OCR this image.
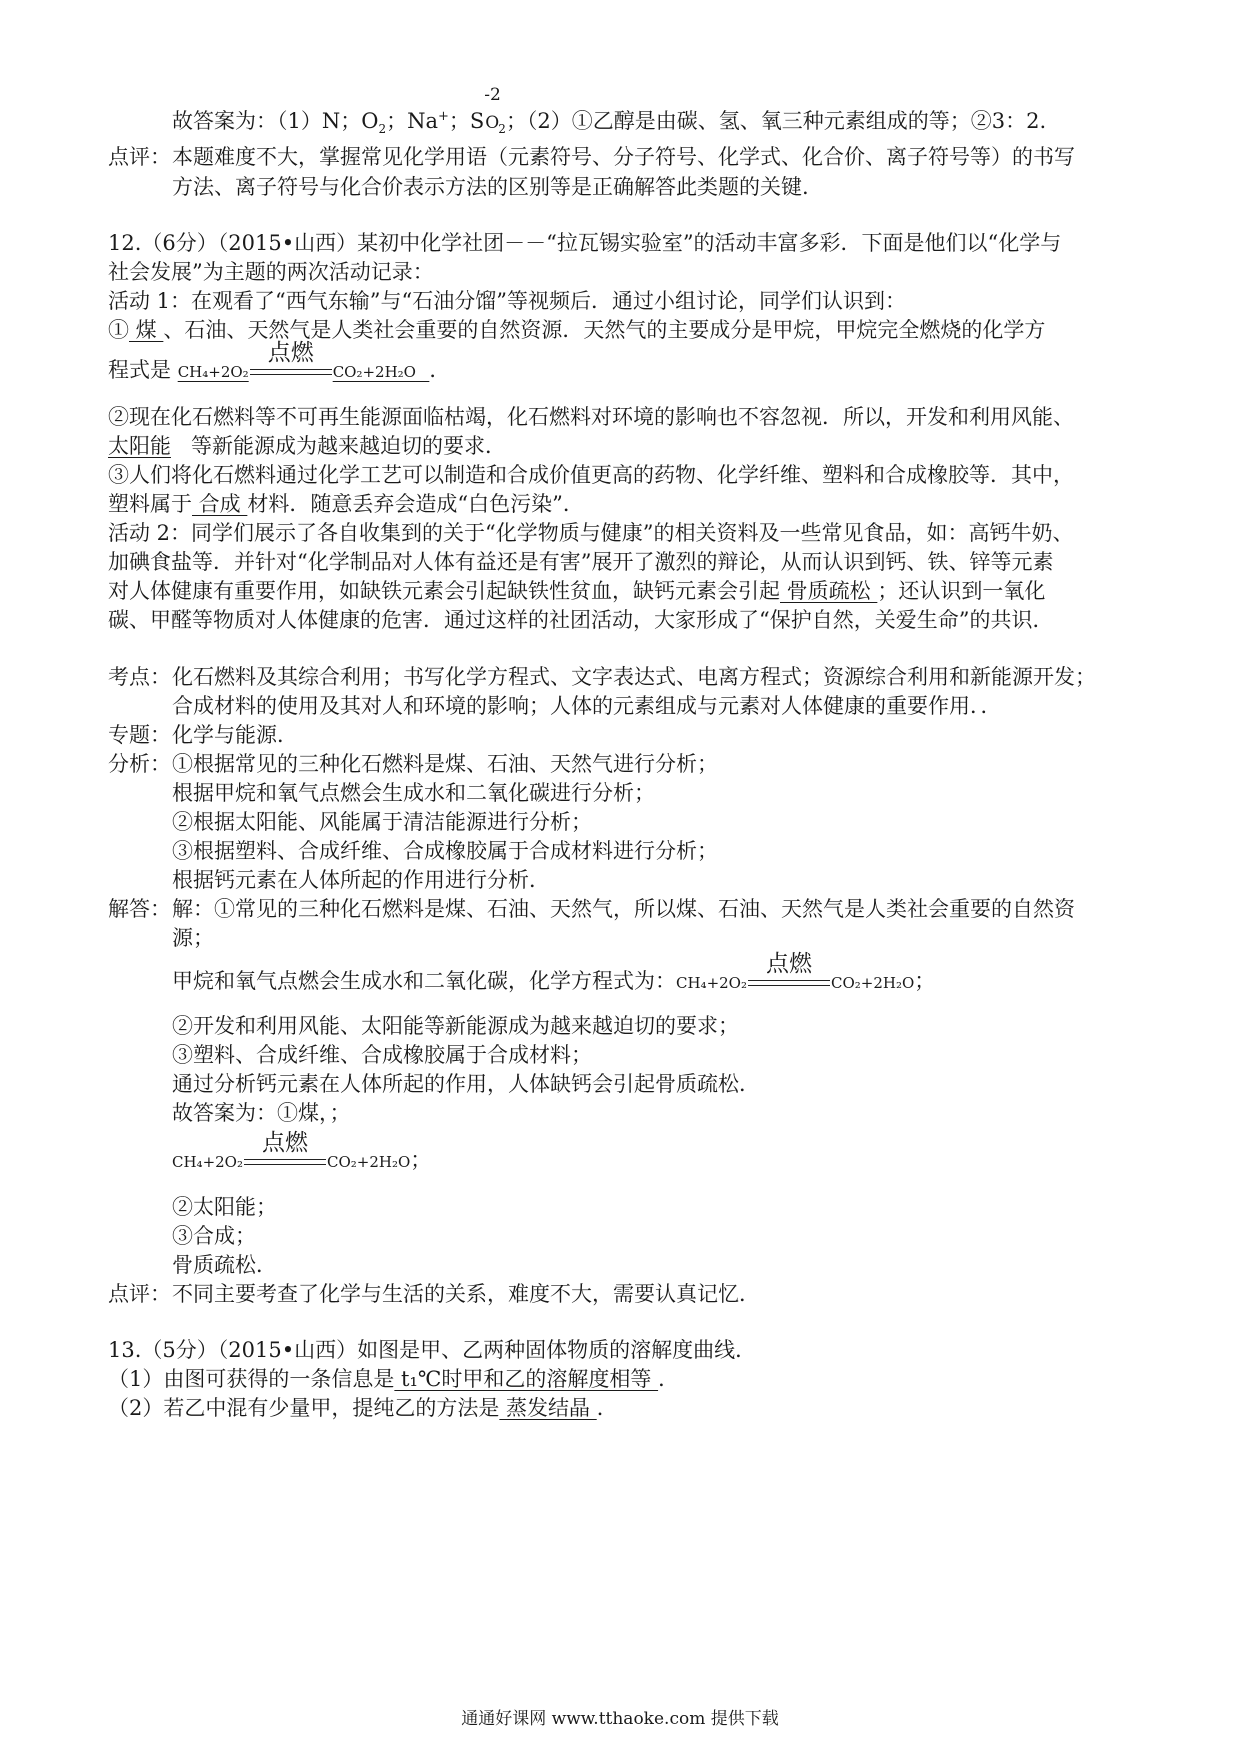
故答案为：（1）N；$O_2$；Na+；S
-2
O $_2$；（2）①乙醇是由碳、氢、氧三种元素组成的等；②3：2.
点评： 本题难度不大，掌握常见化学用语（元素符号、分子符号、化学式、化合价、离子符号等）的书写
方法、离子符号与化合价表示方法的区别等是正确解答此类题的关键.
12.（6分）（2015•山西）某初中化学社团－－“拉瓦锡实验室”的活动丰富多彩．下面是他们以“化学与
社会发展”为主题的两次活动记录：
活动 1：在观看了“西气东输”与“石油分馏”等视频后．通过小组讨论，同学们认识到：
① 煤 、石油、天然气是人类社会重要的自然资源．天然气的主要成分是甲烷，甲烷完全燃烧的化学方
程式是 CH₄+2O₂
点燃
CO₂+2H₂O ．
②现在化石燃料等不可再生能源面临枯竭，化石燃料对环境的影响也不容忽视．所以，开发和利用风能、
太阳能 等新能源成为越来越迫切的要求．
③人们将化石燃料通过化学工艺可以制造和合成价值更高的药物、化学纤维、塑料和合成橡胶等．其中，
塑料属于 合成 材料．随意丢弃会造成“白色污染”．
活动 2：同学们展示了各自收集到的关于“化学物质与健康”的相关资料及一些常见食品，如：高钙牛奶、
加碘食盐等．并针对“化学制品对人体有益还是有害”展开了激烈的辩论，从而认识到钙、铁、锌等元素
对人体健康有重要作用，如缺铁元素会引起缺铁性贫血，缺钙元素会引起 骨质疏松 ；还认识到一氧化
碳、甲醛等物质对人体健康的危害．通过这样的社团活动，大家形成了“保护自然，关爱生命”的共识．
考点： 化石燃料及其综合利用；书写化学方程式、文字表达式、电离方程式；资源综合利用和新能源开发；
合成材料的使用及其对人和环境的影响；人体的元素组成与元素对人体健康的重要作用．．
专题： 化学与能源．
分析： ①根据常见的三种化石燃料是煤、石油、天然气进行分析；
根据甲烷和氧气点燃会生成水和二氧化碳进行分析；
②根据太阳能、风能属于清洁能源进行分析；
③根据塑料、合成纤维、合成橡胶属于合成材料进行分析；
根据钙元素在人体所起的作用进行分析．
解答： 解：①常见的三种化石燃料是煤、石油、天然气，所以煤、石油、天然气是人类社会重要的自然资
源；
甲烷和氧气点燃会生成水和二氧化碳，化学方程式为：CH₄+2O₂
点燃
CO₂+2H₂O；
②开发和利用风能、太阳能等新能源成为越来越迫切的要求；
③塑料、合成纤维、合成橡胶属于合成材料；
通过分析钙元素在人体所起的作用，人体缺钙会引起骨质疏松．
故答案为：①煤，；
CH₄+2O₂
点燃
CO₂+2H₂O；
②太阳能；
③合成；
骨质疏松．
点评： 不同主要考查了化学与生活的关系，难度不大，需要认真记忆．
13.（5分）（2015•山西）如图是甲、乙两种固体物质的溶解度曲线．
（1）由图可获得的一条信息是 t₁℃时甲和乙的溶解度相等 ．
（2）若乙中混有少量甲，提纯乙的方法是 蒸发结晶 ．
通通好课网 www.tthaoke.com 提供下载
